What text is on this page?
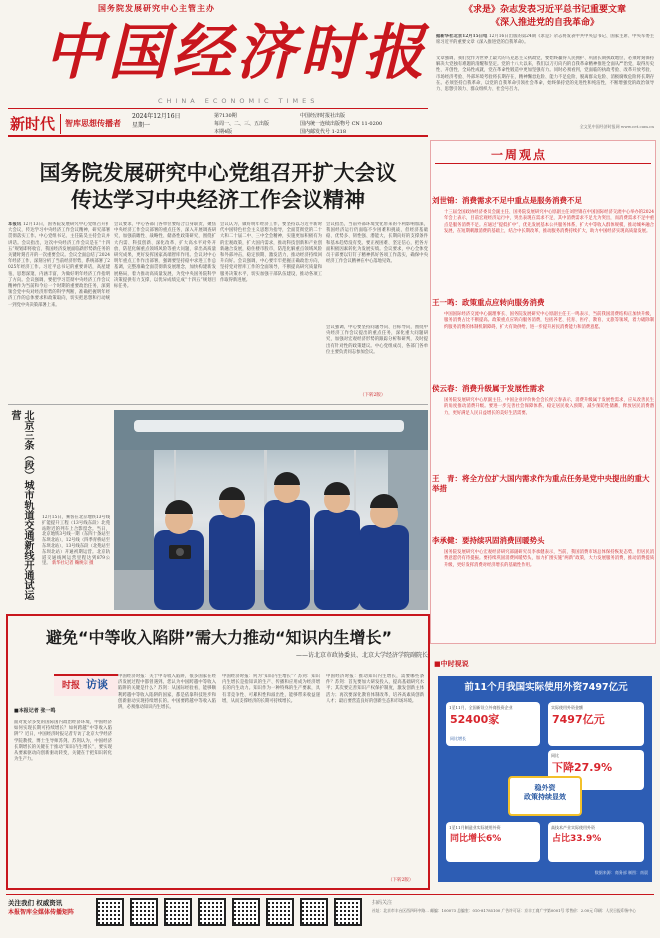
国务院发展研究中心主管主办
中国经济时报
CHINA ECONOMIC TIMES
新时代	智库思想传播者
2024年12月16日
星期一
第7130期
每周一、二、三、五出版
本期4版
中国经济时报社出版
国内统一连续出版物号 CN 11-0200
国内邮发代号 1-218
《求是》杂志发表习近平总书记重要文章
《深入推进党的自我革命》
据新华社北京12月15日电 12月16日出版的第24期《求是》杂志将发表中共中央总书记、国家主席、中央军委主席习近平的重要文章《深入推进党的自我革命》。
文章强调，我们党作为世界上最大的马克思主义执政党，要始终赢得人民拥护、巩固长期执政地位，必须时刻保持解决大党独有难题的清醒和坚定。党的十八大以来，我们以刀刃向内的自我革命精神推进全面从严治党，取得历史性、开创性、全局性成就，党在革命性锻造中更加坚强有力。同时必须看到，党面临的执政考验、改革开放考验、市场经济考验、外部环境考验将长期存在，精神懈怠危险、能力不足危险、脱离群众危险、消极腐败危险将长期存在。必须坚持自我革命，以党的自我革命引领社会革命，始终保持党的先进性和纯洁性，不断增强党的政治领导力、思想引领力、群众组织力、社会号召力。
全文见中国经济时报网 www.cet.com.cn
国务院发展研究中心党组召开扩大会议
传达学习中央经济工作会议精神
本报讯 12月13日，国务院发展研究中心党组召开扩大会议，传达学习中央经济工作会议精神，研究部署贯彻落实工作。中心党组书记、主任陆昊主持会议并讲话。会议指出，这次中央经济工作会议是在“十四五”规划即将收官、我国经济发展面临新形势新任务的关键时刻召开的一次重要会议。会议全面总结了2024年经济工作，深刻分析了当前经济形势，系统部署了2025年经济工作。习近平总书记的重要讲话，高屋建瓴、思想深邃、内涵丰富，为做好明年经济工作指明了方向。会议强调，要把学习贯彻中央经济工作会议精神作为当前和今后一个时期的重要政治任务，深刻领会党中央对经济形势的科学判断，准确把握明年经济工作的总体要求和政策取向，切实把思想和行动统一到党中央决策部署上来。
会议要求，中心各部门各单位要结合自身职责，聚焦中央经济工作会议部署的重点任务，深入开展调查研究，加强前瞻性、战略性、储备性政策研究，围绕扩大内需、科技创新、深化改革、扩大高水平对外开放、防范化解重点领域风险等重大问题，拿出高质量研究成果，更好发挥国家高端智库作用。会议对中心明年重点工作作出部署，强调要坚持稳中求进工作总基调，完整准确全面贯彻新发展理念，加快构建新发展格局，着力推动高质量发展，为党中央国务院科学决策提供有力支撑，以优异成绩完成“十四五”规划目标任务。
会议认为，做好明年经济工作，要坚持以习近平新时代中国特色社会主义思想为指导，全面贯彻党的二十大和二十届二中、三中全会精神，实施更加积极有为的宏观政策，扩大国内需求，推动科技创新和产业创新融合发展，稳住楼市股市，防范化解重点领域风险和外部冲击，稳定预期、激发活力，推动经济持续回升向好。会议强调，中心要牢牢把握正确政治方向，坚持党对智库工作的全面领导，不断提高研究质量和服务决策水平，切实加强干部队伍建设，推动各项工作取得新进展。
会议指出，当前外部环境变化带来的不利影响加深，我国经济运行仍面临不少困难和挑战，但经济基础稳、优势多、韧性强、潜能大，长期向好的支撑条件和基本趋势没有变。要正视困难、坚定信心，把各方面积极因素转化为发展实绩。会议要求，中心全体党员干部要以钉钉子精神抓好各项工作落实，确保中央经济工作会议精神在中心落地见效。
会议强调，中心要坚持问题导向、目标导向，围绕中央经济工作会议提出的重点任务，深化重大问题研究，加强对宏观经济形势的跟踪分析和研判，及时提出有针对性的政策建议。中心党组成员，各部门各单位主要负责同志参加会议。
（下转2版）
北京三条（段）城市轨道交通新线开通试运营
12月15日，乘客在北京地铁13号线扩能提升工程（13号线东段）北苑站附近的列车上合影留念。当日，北京地铁3号线一期（东四十条站至东坝北站），12号线（四季青桥站至东坝北站），13号线东段（北苑站至东坝北站）开通初期运营。北京轨道交通线网运营里程达到879公里。 新华社记者 鞠焕宗 摄
避免“中等收入陷阱”需大力推动“知识内生增长”
——访北京市政协委员、北京大学经济学院副院长
时报 访谈
■本报记者 张一鸣
面对复杂多变的国际国内政治经济环境，中国经济如何实现长期可持续增长？如何跨越“中等收入陷阱”？近日，中国经济时报记者专访了北京大学经济学院教授、博士生导师苏剑。苏剑认为，中国经济长期增长的关键在于推动“知识内生增长”，要实现从要素驱动向创新驱动转变，关键在于把知识转化为生产力。
中国经济时报：关于中等收入陷阱，很多国家在经济发展过程中都曾遇到。您认为中国跨越中等收入陷阱的关键是什么？苏剑：从国际经验看，能够顺利跨越中等收入陷阱的国家，都是依靠科技进步和创新驱动实现持续增长的。中国要跨越中等收入陷阱，必须推动知识内生增长。
中国经济时报：何为“知识内生增长”？苏剑：知识内生增长是指知识的生产、传播和应用成为经济增长的内生动力。知识作为一种特殊的生产要素，具有非竞争性、可累积性和溢出性，能够带来收益递增，从而支撑经济的长期可持续增长。
中国经济时报：推动知识内生增长，需要哪些条件？苏剑：首先要加大研发投入，提高基础研究水平；其次要完善知识产权保护制度，激发创新主体活力；再次要深化教育体制改革，培养高素质创新人才；最后要营造良好的创新生态和市场环境。
（下转2版）
一周观点
刘世锦：消费需求不足中重点是服务消费不足
十三届全国政协经济委员会副主任、国务院发展研究中心原副主任刘世锦在中国国际经济交流中心举办的2024年会上表示，目前宏观经济运行中，突出表现在需求不足，其中消费需求不足尤为突出，而消费需求不足中重点是服务消费不足。应通过“提低扩中”，优先发展基本公共服务体系，扩大中等收入群体规模，推动城乡融合发展，在短期刺激消费的基础上，结合中长期改革，推动服务消费持续扩大，助力中国经济实现高质量发展。
王一鸣：政策重点应转向服务消费
中国国际经济交流中心副理事长、国务院发展研究中心原副主任王一鸣表示，当前我国消费结构正加快升级，服务消费占比不断提高。政策重点应转向服务消费，包括养老、托育、医疗、教育、文旅等领域，着力破除制约服务消费的体制机制障碍，扩大有效供给，进一步提升居民消费能力和消费意愿。
侯云春：消费升级属于发展性需求
国务院发展研究中心原副主任、中国企业评价协会会长侯云春表示，消费升级属于发展性需求，应从改善民生的角度推动消费升级。要进一步完善社会保障体系，稳定居民收入预期，减少预防性储蓄，释放居民消费潜力，更好满足人民日益增长的美好生活需要。
王　青：将全方位扩大国内需求作为重点任务是党中央提出的重大举措
李承健：要持续巩固消费回暖势头
国务院发展研究中心宏观经济研究部副研究员李承健表示，当前，我国消费市场总体保持恢复态势，但居民消费意愿仍有待提振。要持续巩固消费回暖势头，加力扩围实施“两新”政策，大力发展服务消费，推动消费提质升级，更好发挥消费对经济增长的基础性作用。
■中时视说
前11个月我国实际使用外资7497亿元
1至11月，全国新设立外商投资企业
52400家
实际使用外资金额
7497亿元
同比
下降27.9%
稳外资
政策持续显效
1至11月制造业实际使用外资
同比增长6%
高技术产业实际使用外资
占比33.9%
数据来源：商务部 制图：南晨
同比增长
关注我们 权威资讯
本报智库全媒体传播矩阵
扫码关注
社址：北京市丰台区西四环中路… 邮编：100073 总编室：010-81785100 广告许可证：京丰工商广字第0001号 零售价：2.00元 印刷：人民日报印务中心
